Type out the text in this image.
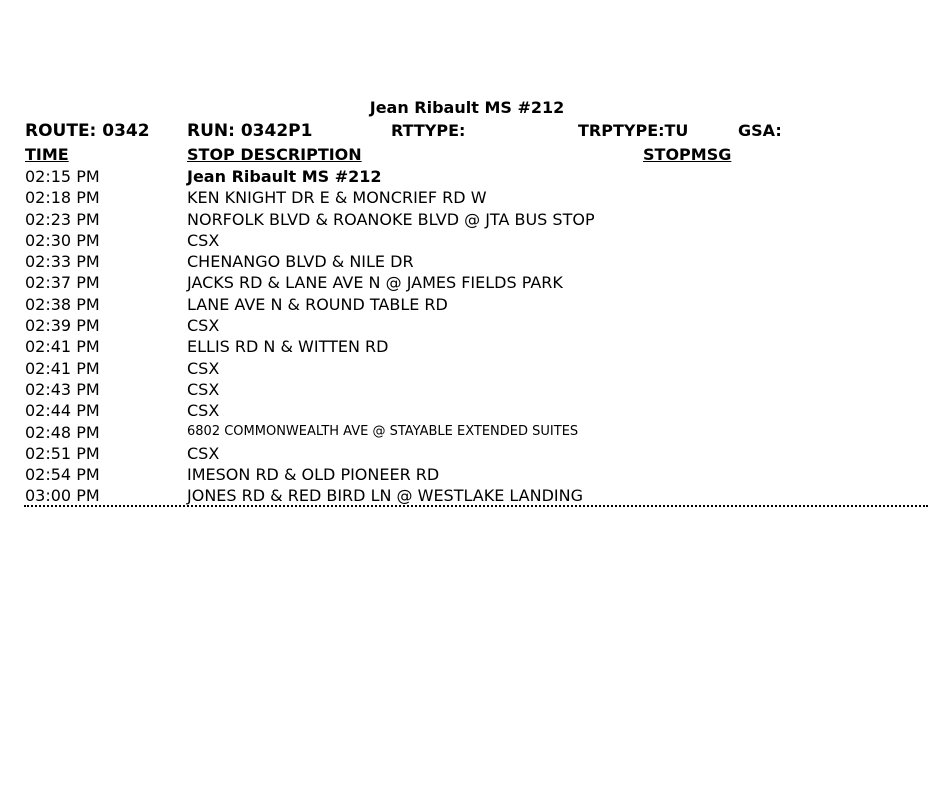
Jean Ribault MS #212
ROUTE: 0342 RUN: 0342P1	RTTYPE:	TRPTYPE:TU	GSA:
TIME	STOP DESCRIPTION	STOPMSG
02:15 PM	Jean Ribault MS #212
02:18 PM	KEN KNIGHT DR E & MONCRIEF RD W
02:23 PM	NORFOLK BLVD & ROANOKE BLVD @ JTA BUS STOP
02:30 PM	CSX
02:33 PM	CHENANGO BLVD & NILE DR
02:37 PM	JACKS RD & LANE AVE N @ JAMES FIELDS PARK
02:38 PM	LANE AVE N & ROUND TABLE RD
02:39 PM	CSX
02:41 PM	ELLIS RD N & WITTEN RD
02:41 PM	CSX
02:43 PM	CSX
02:44 PM	CSX
02:48 PM	6802 COMMONWEALTH AVE @ STAYABLE EXTENDED SUITES
02:51 PM	CSX
02:54 PM	IMESON RD & OLD PIONEER RD
03:00 PM	JONES RD & RED BIRD LN @ WESTLAKE LANDING
